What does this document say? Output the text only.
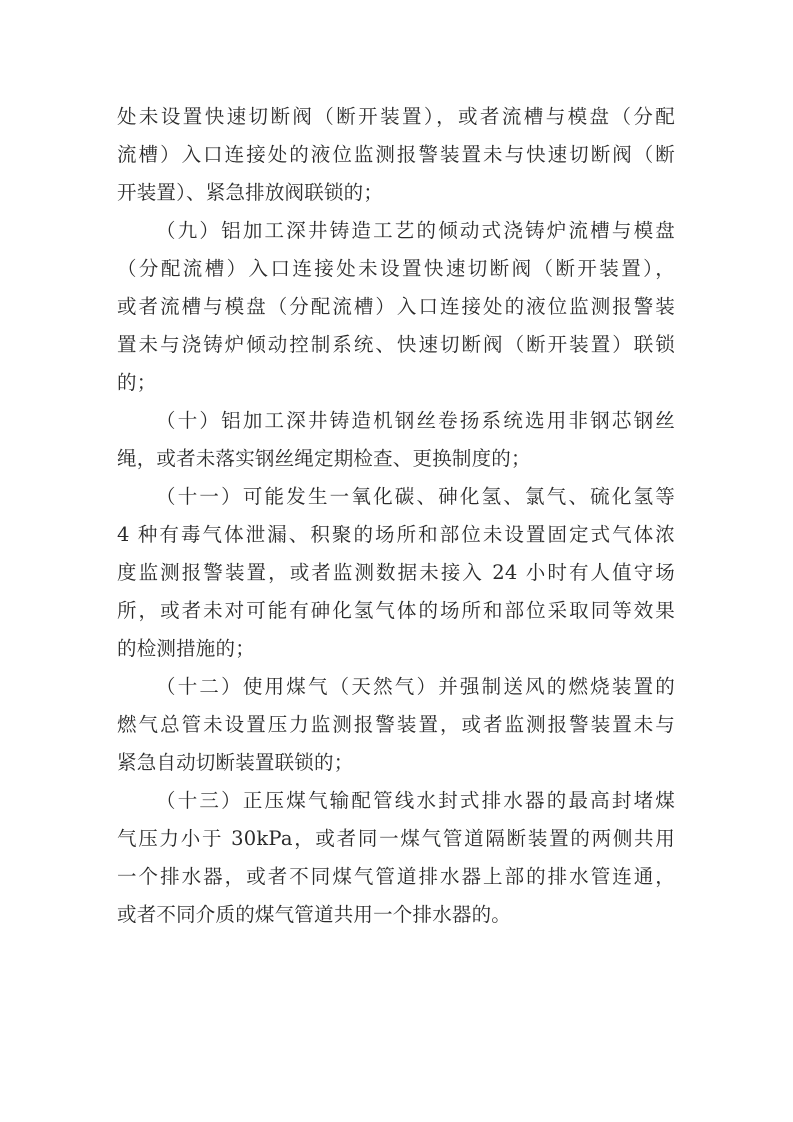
处未设置快速切断阀（断开装置），或者流槽与模盘（分配
流槽）入口连接处的液位监测报警装置未与快速切断阀（断
开装置）、紧急排放阀联锁的；
（九）铝加工深井铸造工艺的倾动式浇铸炉流槽与模盘
（分配流槽）入口连接处未设置快速切断阀（断开装置），
或者流槽与模盘（分配流槽）入口连接处的液位监测报警装
置未与浇铸炉倾动控制系统、快速切断阀（断开装置）联锁
的；
（十）铝加工深井铸造机钢丝卷扬系统选用非钢芯钢丝
绳，或者未落实钢丝绳定期检查、更换制度的；
（十一）可能发生一氧化碳、砷化氢、氯气、硫化氢等
4 种有毒气体泄漏、积聚的场所和部位未设置固定式气体浓
度监测报警装置，或者监测数据未接入 24 小时有人值守场
所，或者未对可能有砷化氢气体的场所和部位采取同等效果
的检测措施的；
（十二）使用煤气（天然气）并强制送风的燃烧装置的
燃气总管未设置压力监测报警装置，或者监测报警装置未与
紧急自动切断装置联锁的；
（十三）正压煤气输配管线水封式排水器的最高封堵煤
气压力小于 30kPa，或者同一煤气管道隔断装置的两侧共用
一个排水器，或者不同煤气管道排水器上部的排水管连通，
或者不同介质的煤气管道共用一个排水器的。
